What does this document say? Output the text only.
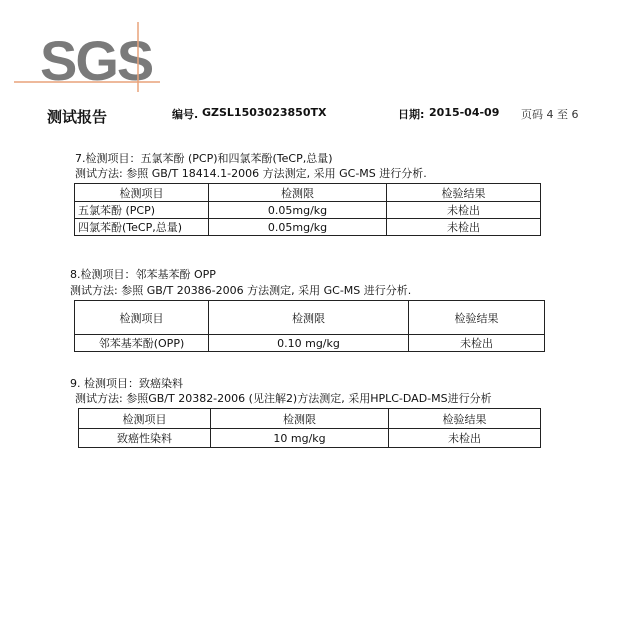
SGS
测试报告	编号. GZSL1503023850TX	日期: 2015-04-09 页码 4 至 6
7.检测项目：五氯苯酚 (PCP)和四氯苯酚(TeCP,总量)
测试方法: 参照 GB/T 18414.1-2006 方法测定, 采用 GC-MS 进行分析.
检测项目	检测限	检验结果
五氯苯酚 (PCP)	0.05mg/kg	未检出
四氯苯酚(TeCP,总量)	0.05mg/kg	未检出
8.检测项目：邻苯基苯酚 OPP
测试方法: 参照 GB/T 20386-2006 方法测定, 采用 GC-MS 进行分析.
检测项目	检测限	检验结果
邻苯基苯酚(OPP)	0.10 mg/kg	未检出
9. 检测项目：致癌染料
测试方法: 参照GB/T 20382-2006 (见注解2)方法测定, 采用HPLC-DAD-MS进行分析
检测项目	检测限	检验结果
致癌性染料	10 mg/kg	未检出
